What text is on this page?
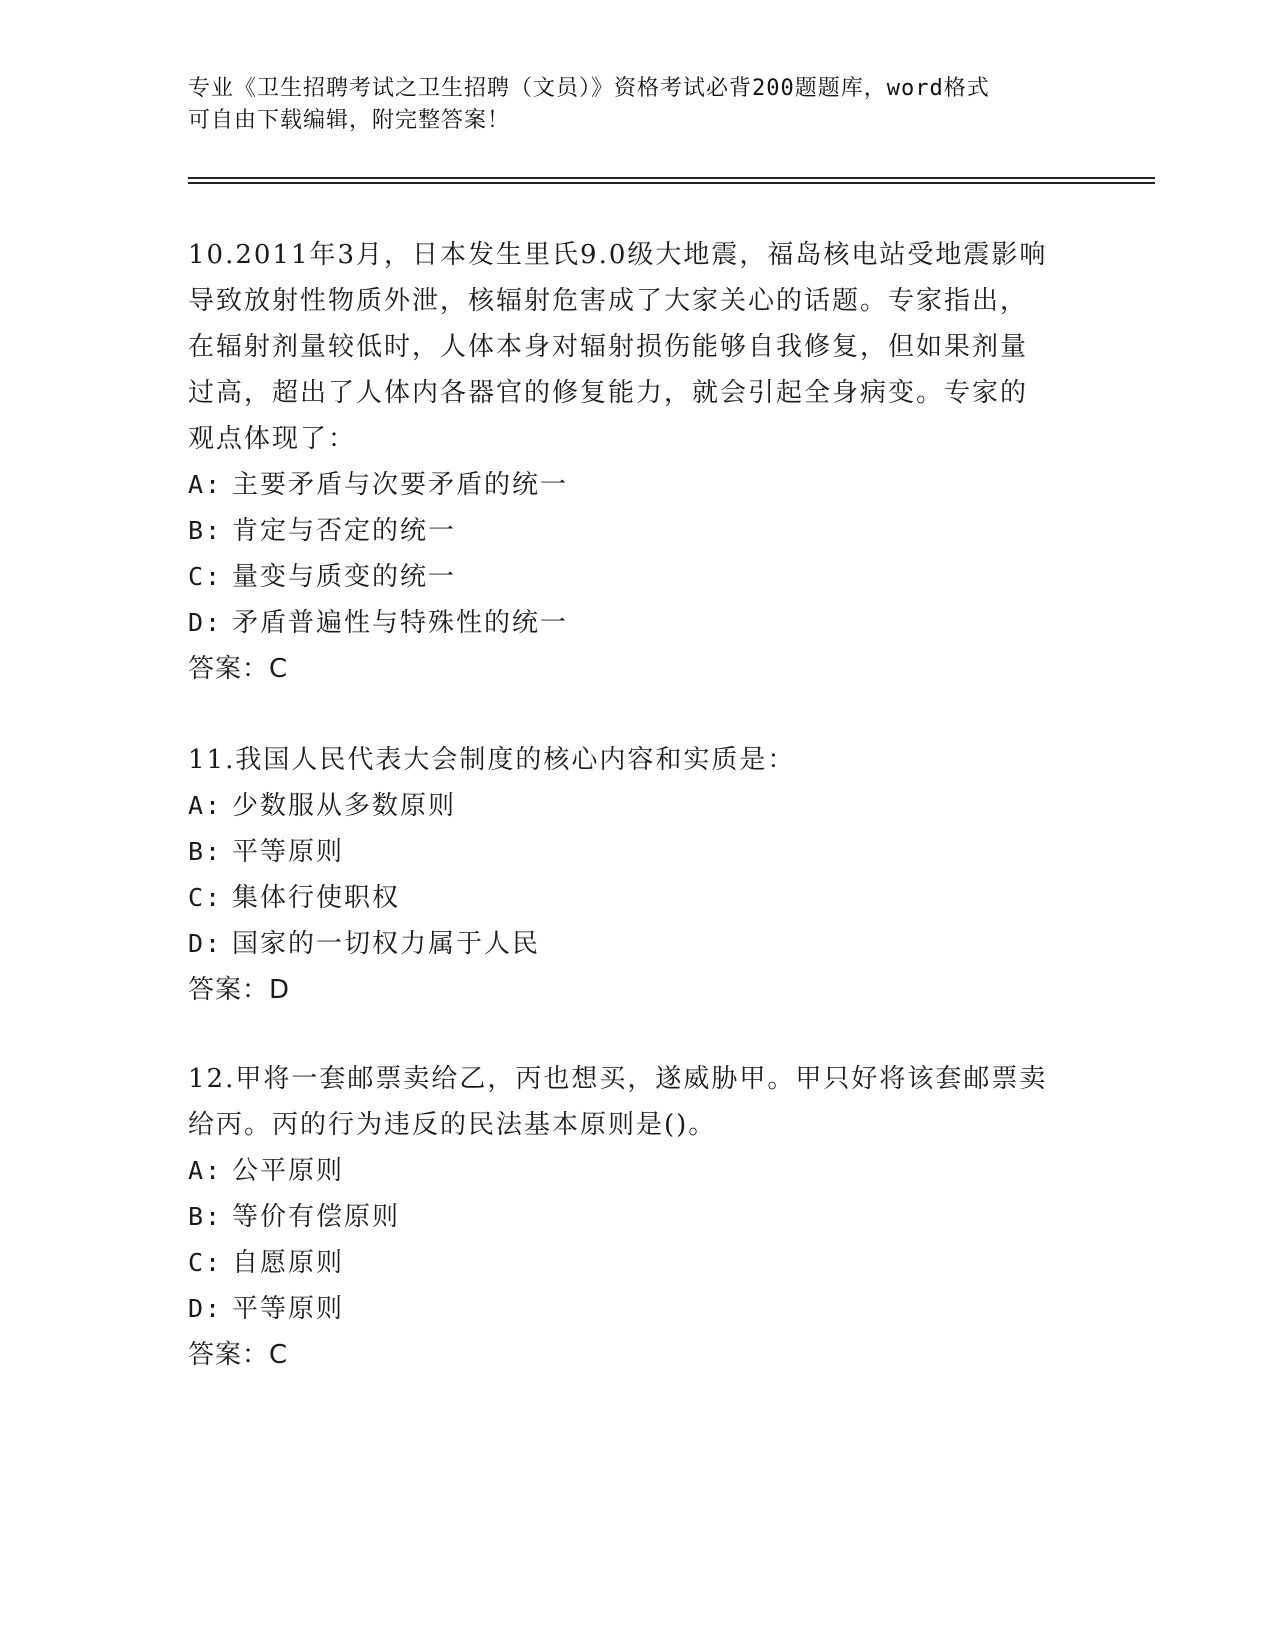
专业《卫生招聘考试之卫生招聘（文员）》资格考试必背200题题库，word格式

可自由下载编辑，附完整答案！

10.2011年3月，日本发生里氏9.0级大地震，福岛核电站受地震影响

导致放射性物质外泄，核辐射危害成了大家关心的话题。专家指出，

在辐射剂量较低时，人体本身对辐射损伤能够自我修复，但如果剂量

过高，超出了人体内各器官的修复能力，就会引起全身病变。专家的

观点体现了：

A: 主要矛盾与次要矛盾的统一

B: 肯定与否定的统一

C: 量变与质变的统一

D: 矛盾普遍性与特殊性的统一

答案：C

11.我国人民代表大会制度的核心内容和实质是：

A: 少数服从多数原则

B: 平等原则

C: 集体行使职权

D: 国家的一切权力属于人民

答案：D

12.甲将一套邮票卖给乙，丙也想买，遂威胁甲。甲只好将该套邮票卖

给丙。丙的行为违反的民法基本原则是()。

A: 公平原则

B: 等价有偿原则

C: 自愿原则

D: 平等原则

答案：C
